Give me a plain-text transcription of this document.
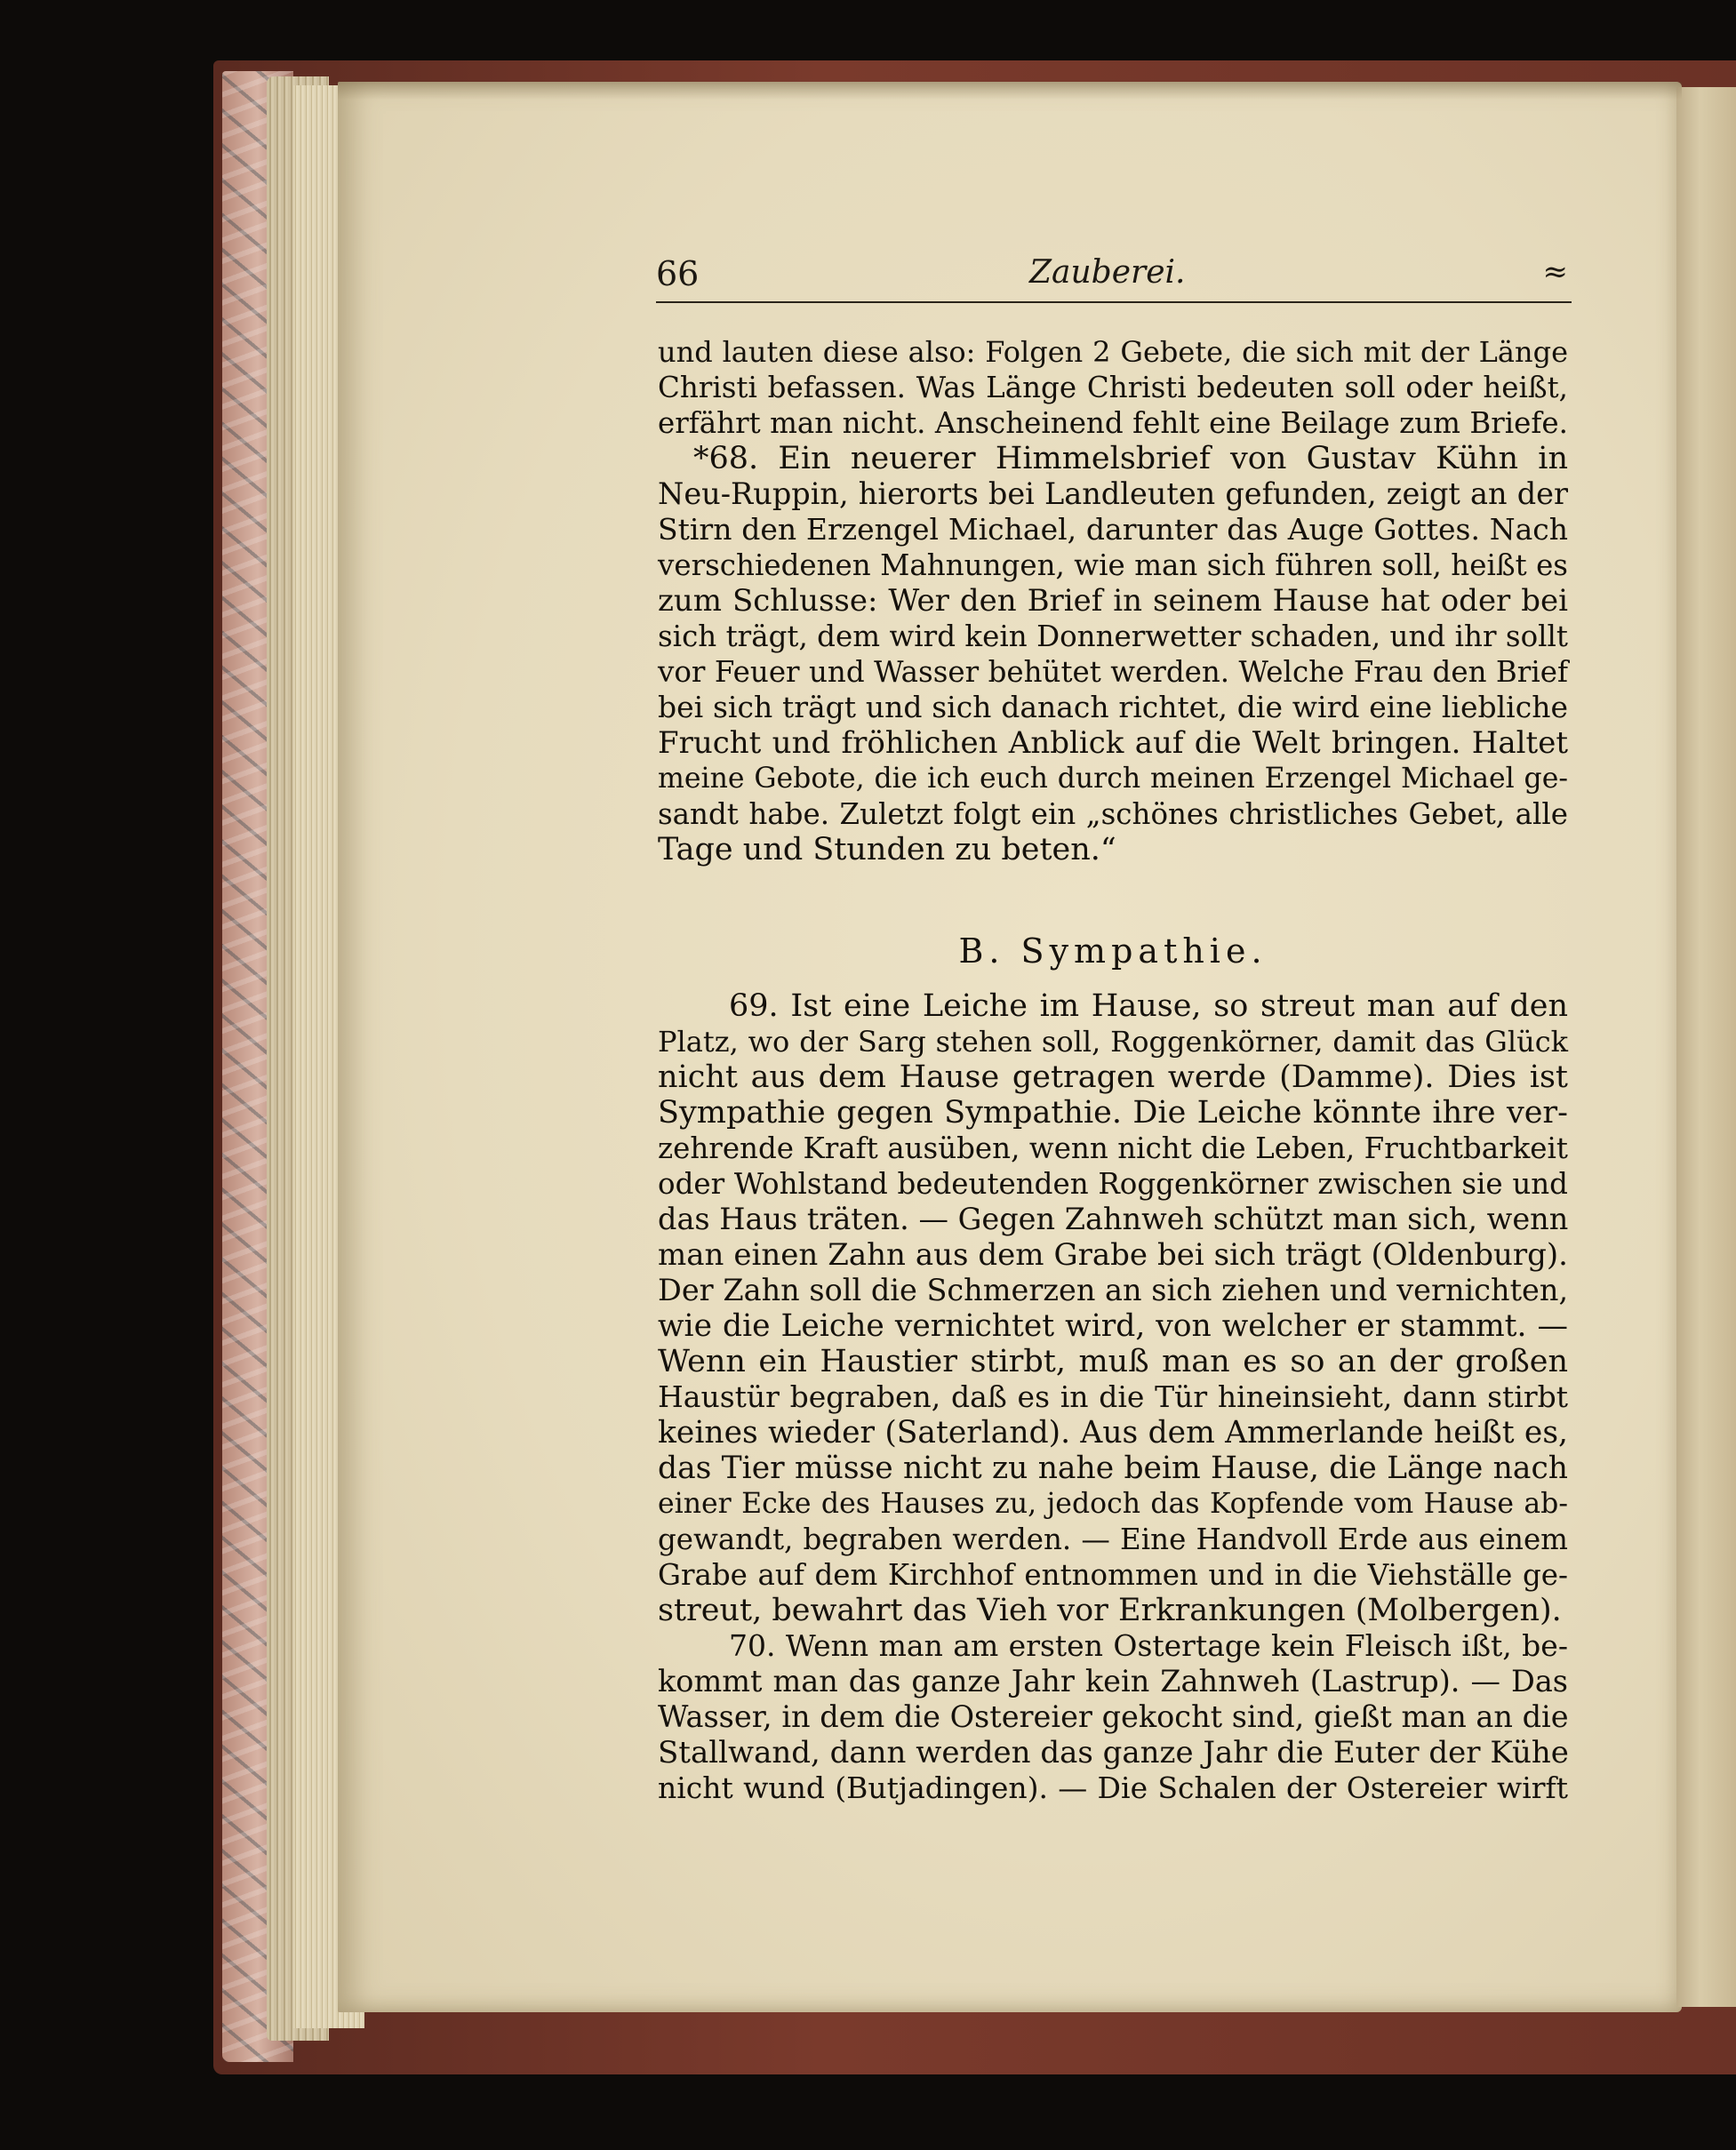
66	Zauberei.	≈
und lauten diese also: Folgen 2 Gebete, die sich mit der Länge
Christi befassen. Was Länge Christi bedeuten soll oder heißt,
erfährt man nicht. Anscheinend fehlt eine Beilage zum Briefe.
*68. Ein neuerer Himmelsbrief von Gustav Kühn in
Neu-Ruppin, hierorts bei Landleuten gefunden, zeigt an der
Stirn den Erzengel Michael, darunter das Auge Gottes. Nach
verschiedenen Mahnungen, wie man sich führen soll, heißt es
zum Schlusse: Wer den Brief in seinem Hause hat oder bei
sich trägt, dem wird kein Donnerwetter schaden, und ihr sollt
vor Feuer und Wasser behütet werden. Welche Frau den Brief
bei sich trägt und sich danach richtet, die wird eine liebliche
Frucht und fröhlichen Anblick auf die Welt bringen. Haltet
meine Gebote, die ich euch durch meinen Erzengel Michael ge-
sandt habe. Zuletzt folgt ein „schönes christliches Gebet, alle
Tage und Stunden zu beten.“
B. Sympathie.
69. Ist eine Leiche im Hause, so streut man auf den
Platz, wo der Sarg stehen soll, Roggenkörner, damit das Glück
nicht aus dem Hause getragen werde (Damme). Dies ist
Sympathie gegen Sympathie. Die Leiche könnte ihre ver-
zehrende Kraft ausüben, wenn nicht die Leben, Fruchtbarkeit
oder Wohlstand bedeutenden Roggenkörner zwischen sie und
das Haus träten. — Gegen Zahnweh schützt man sich, wenn
man einen Zahn aus dem Grabe bei sich trägt (Oldenburg).
Der Zahn soll die Schmerzen an sich ziehen und vernichten,
wie die Leiche vernichtet wird, von welcher er stammt. —
Wenn ein Haustier stirbt, muß man es so an der großen
Haustür begraben, daß es in die Tür hineinsieht, dann stirbt
keines wieder (Saterland). Aus dem Ammerlande heißt es,
das Tier müsse nicht zu nahe beim Hause, die Länge nach
einer Ecke des Hauses zu, jedoch das Kopfende vom Hause ab-
gewandt, begraben werden. — Eine Handvoll Erde aus einem
Grabe auf dem Kirchhof entnommen und in die Viehställe ge-
streut, bewahrt das Vieh vor Erkrankungen (Molbergen).
70. Wenn man am ersten Ostertage kein Fleisch ißt, be-
kommt man das ganze Jahr kein Zahnweh (Lastrup). — Das
Wasser, in dem die Ostereier gekocht sind, gießt man an die
Stallwand, dann werden das ganze Jahr die Euter der Kühe
nicht wund (Butjadingen). — Die Schalen der Ostereier wirft
